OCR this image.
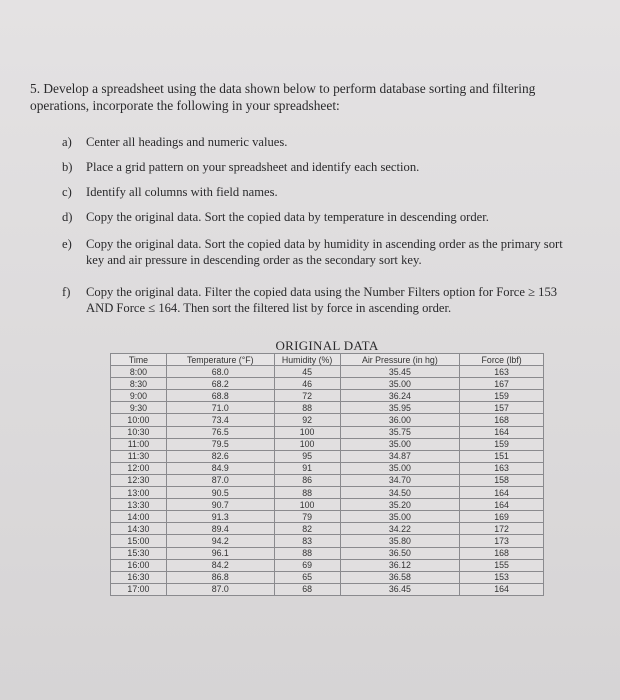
5. Develop a spreadsheet using the data shown below to perform database sorting and filtering operations, incorporate the following in your spreadsheet:
a)	Center all headings and numeric values.
b)	Place a grid pattern on your spreadsheet and identify each section.
c)	Identify all columns with field names.
d)	Copy the original data. Sort the copied data by temperature in descending order.
e)	Copy the original data. Sort the copied data by humidity in ascending order as the primary sort key and air pressure in descending order as the secondary sort key.
f)	Copy the original data. Filter the copied data using the Number Filters option for Force ≥ 153 AND Force ≤ 164. Then sort the filtered list by force in ascending order.
ORIGINAL DATA
Time	Temperature (°F)	Humidity (%)	Air Pressure (in hg)	Force (lbf)
8:00	68.0	45	35.45	163
8:30	68.2	46	35.00	167
9:00	68.8	72	36.24	159
9:30	71.0	88	35.95	157
10:00	73.4	92	36.00	168
10:30	76.5	100	35.75	164
11:00	79.5	100	35.00	159
11:30	82.6	95	34.87	151
12:00	84.9	91	35.00	163
12:30	87.0	86	34.70	158
13:00	90.5	88	34.50	164
13:30	90.7	100	35.20	164
14:00	91.3	79	35.00	169
14:30	89.4	82	34.22	172
15:00	94.2	83	35.80	173
15:30	96.1	88	36.50	168
16:00	84.2	69	36.12	155
16:30	86.8	65	36.58	153
17:00	87.0	68	36.45	164
